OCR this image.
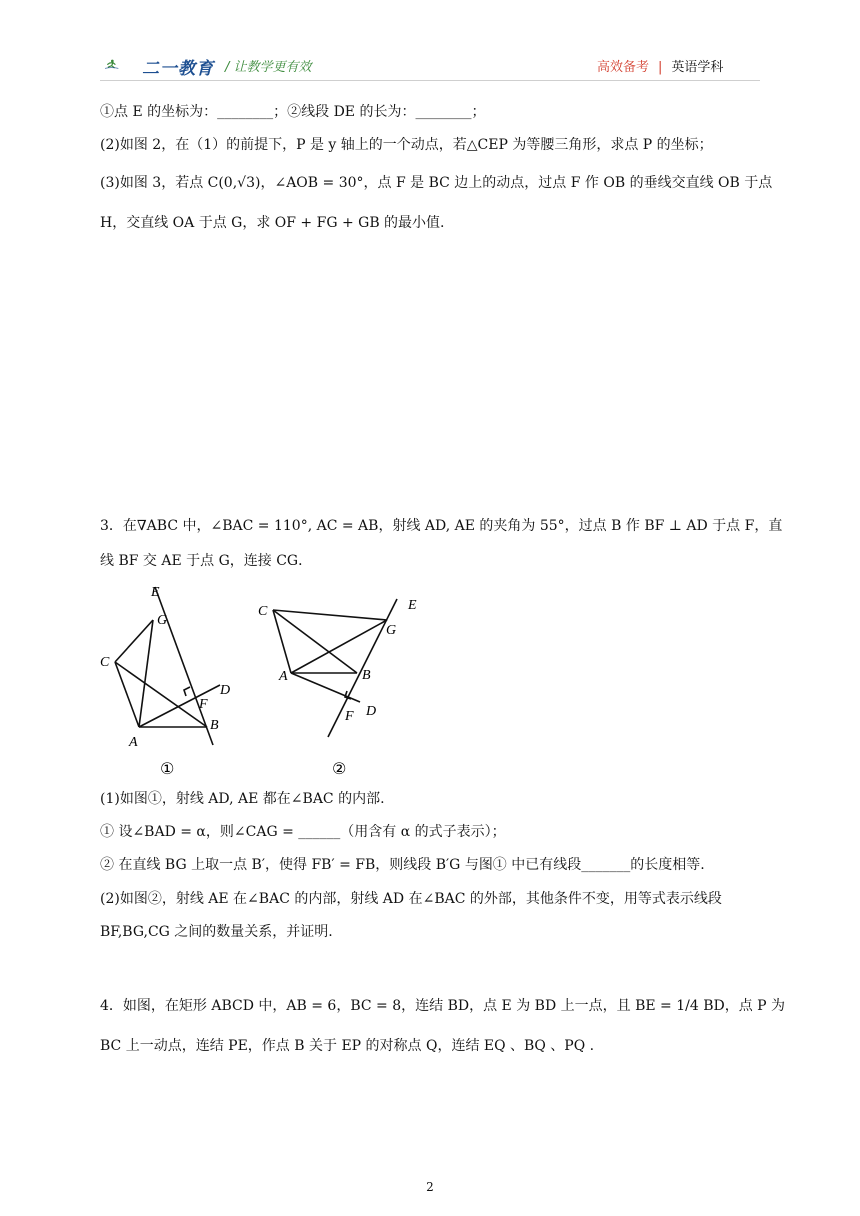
二一教育 / 让教学更有效	高效备考 | 英语学科
①点 E 的坐标为：________；②线段 DE 的长为：________；
(2)如图 2，在（1）的前提下，P 是 y 轴上的一个动点，若△CEP 为等腰三角形，求点 P 的坐标；
(3)如图 3，若点 C(0,√3)，∠AOB = 30°，点 F 是 BC 边上的动点，过点 F 作 OB 的垂线交直线 OB 于点
H，交直线 OA 于点 G，求 OF + FG + GB 的最小值.
3．在∇ABC 中，∠BAC = 110°, AC = AB，射线 AD, AE 的夹角为 55°，过点 B 作 BF ⊥ AD 于点 F，直
线 BF 交 AE 于点 G，连接 CG．
E
G
C
D
F
B
A
①
C	E
G
A	B
F D
②
(1)如图①，射线 AD, AE 都在∠BAC 的内部.
① 设∠BAD = α，则∠CAG = ______（用含有 α 的式子表示）；
② 在直线 BG 上取一点 B′，使得 FB′ = FB，则线段 B′G 与图① 中已有线段_______的长度相等.
(2)如图②，射线 AE 在∠BAC 的内部，射线 AD 在∠BAC 的外部，其他条件不变，用等式表示线段
BF,BG,CG 之间的数量关系，并证明.
4．如图，在矩形 ABCD 中，AB = 6，BC = 8，连结 BD，点 E 为 BD 上一点，且 BE = 1/4 BD，点 P 为
BC 上一动点，连结 PE，作点 B 关于 EP 的对称点 Q，连结 EQ 、BQ 、PQ .
2
